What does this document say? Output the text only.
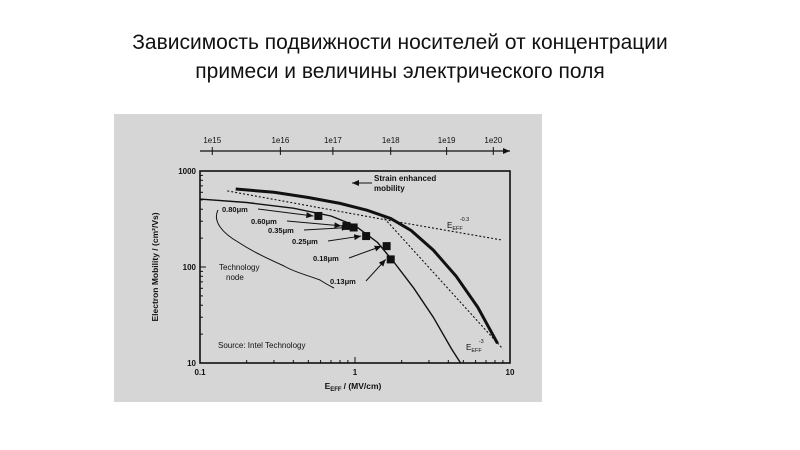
Зависимость подвижности носителей от концентрации
примеси и величины электрического поля
0.1	1	10
10
100
1000
0.80μm
0.60μm
0.35μm
0.25μm
0.18μm
0.13μm
1e15	1e16	1e17	1e18	1e19	1e20
Electron Mobility / (cm²/Vs)
$E_{EFF} / (MV/cm)$
Strain enhanced
mobility
$E_{EFF}-0.3$
$E_{EFF}-3$
Technology
node
Source: Intel Technology
